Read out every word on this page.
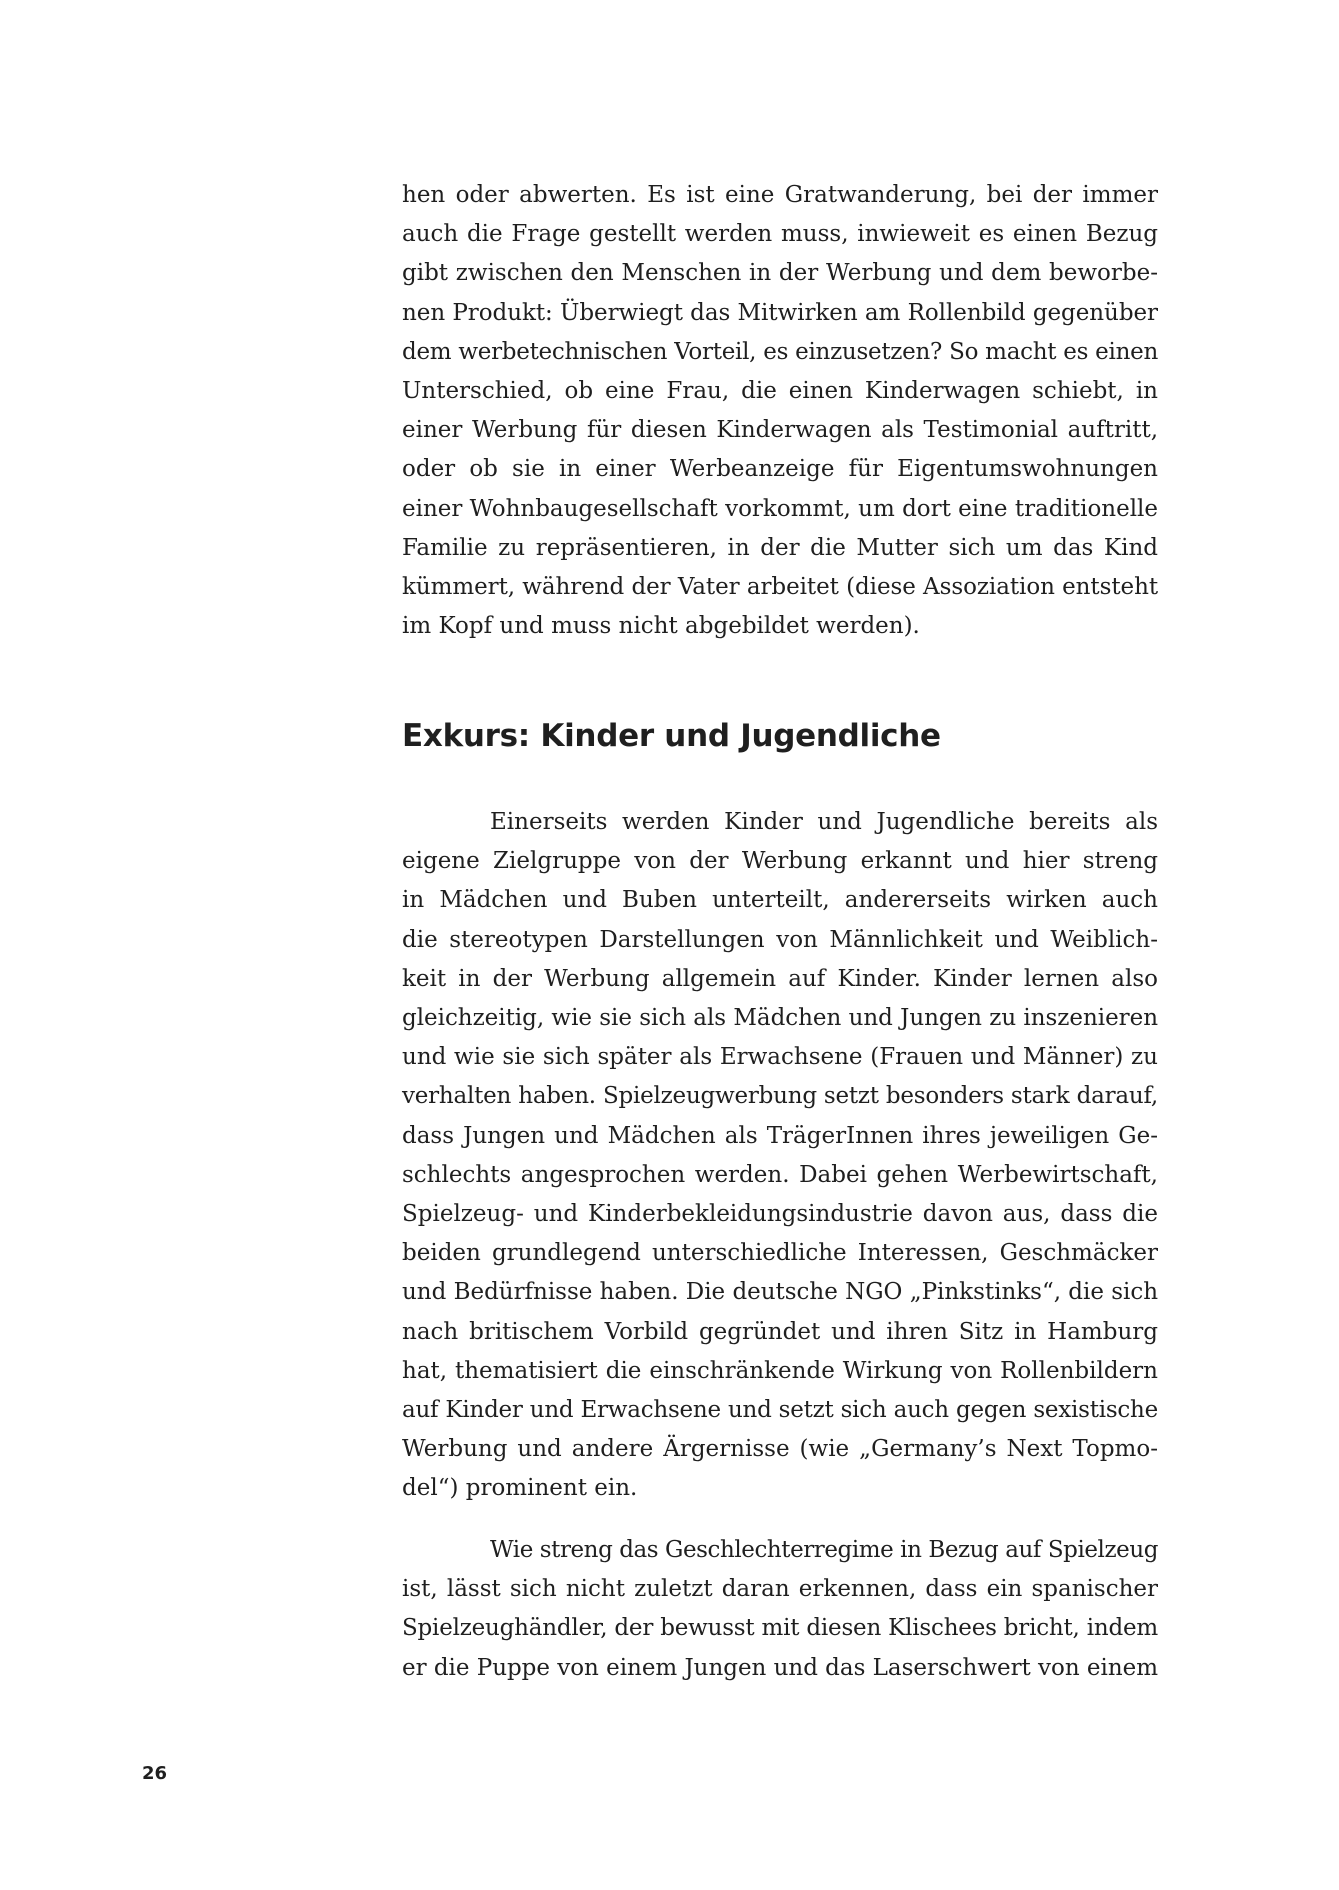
hen oder abwerten. Es ist eine Gratwanderung, bei der immer
auch die Frage gestellt werden muss, inwieweit es einen Bezug
gibt zwischen den Menschen in der Werbung und dem beworbe-
nen Produkt: Überwiegt das Mitwirken am Rollenbild gegenüber
dem werbetechnischen Vorteil, es einzusetzen? So macht es einen
Unterschied, ob eine Frau, die einen Kinderwagen schiebt, in
einer Werbung für diesen Kinderwagen als Testimonial auftritt,
oder ob sie in einer Werbeanzeige für Eigentumswohnungen
einer Wohnbaugesellschaft vorkommt, um dort eine traditionelle
Familie zu repräsentieren, in der die Mutter sich um das Kind
kümmert, während der Vater arbeitet (diese Assoziation entsteht
im Kopf und muss nicht abgebildet werden).

Exkurs: Kinder und Jugendliche

Einerseits werden Kinder und Jugendliche bereits als
eigene Zielgruppe von der Werbung erkannt und hier streng
in Mädchen und Buben unterteilt, andererseits wirken auch
die stereotypen Darstellungen von Männlichkeit und Weiblich-
keit in der Werbung allgemein auf Kinder. Kinder lernen also
gleichzeitig, wie sie sich als Mädchen und Jungen zu inszenieren
und wie sie sich später als Erwachsene (Frauen und Männer) zu
verhalten haben. Spielzeugwerbung setzt besonders stark darauf,
dass Jungen und Mädchen als TrägerInnen ihres jeweiligen Ge-
schlechts angesprochen werden. Dabei gehen Werbewirtschaft,
Spielzeug- und Kinderbekleidungsindustrie davon aus, dass die
beiden grundlegend unterschiedliche Interessen, Geschmäcker
und Bedürfnisse haben. Die deutsche NGO „Pinkstinks“, die sich
nach britischem Vorbild gegründet und ihren Sitz in Hamburg
hat, thematisiert die einschränkende Wirkung von Rollenbildern
auf Kinder und Erwachsene und setzt sich auch gegen sexistische
Werbung und andere Ärgernisse (wie „Germany’s Next Topmo-
del“) prominent ein.

Wie streng das Geschlechterregime in Bezug auf Spielzeug
ist, lässt sich nicht zuletzt daran erkennen, dass ein spanischer
Spielzeughändler, der bewusst mit diesen Klischees bricht, indem
er die Puppe von einem Jungen und das Laserschwert von einem

26
